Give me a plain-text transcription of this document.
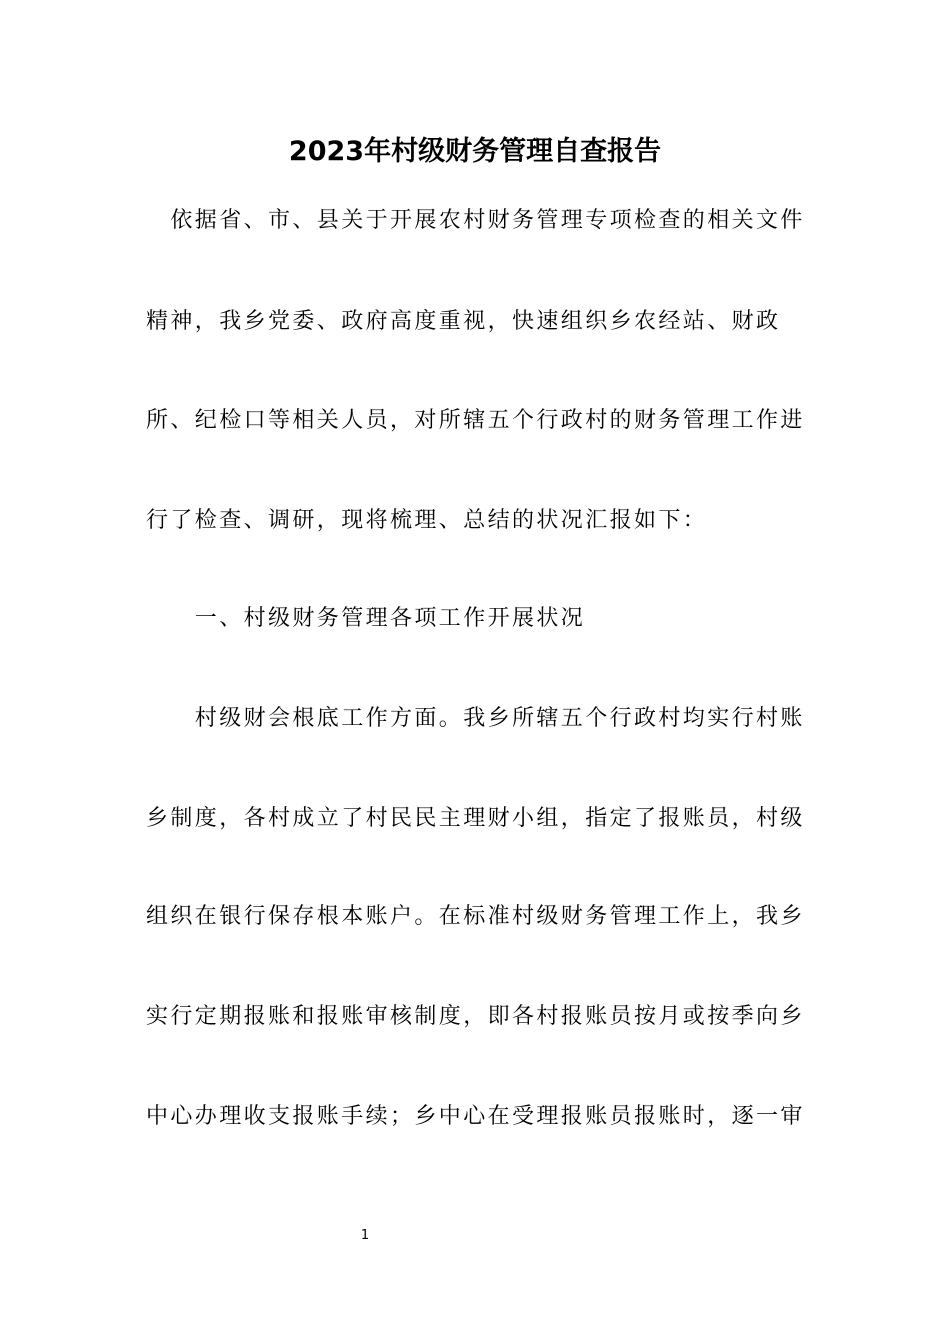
2023年村级财务管理自查报告

　依据省、市、县关于开展农村财务管理专项检查的相关文件

精神，我乡党委、政府高度重视，快速组织乡农经站、财政

所、纪检口等相关人员，对所辖五个行政村的财务管理工作进

行了检查、调研，现将梳理、总结的状况汇报如下：

　　一、村级财务管理各项工作开展状况

　　村级财会根底工作方面。我乡所辖五个行政村均实行村账

乡制度，各村成立了村民民主理财小组，指定了报账员，村级

组织在银行保存根本账户。在标准村级财务管理工作上，我乡

实行定期报账和报账审核制度，即各村报账员按月或按季向乡

中心办理收支报账手续；乡中心在受理报账员报账时，逐一审

1
